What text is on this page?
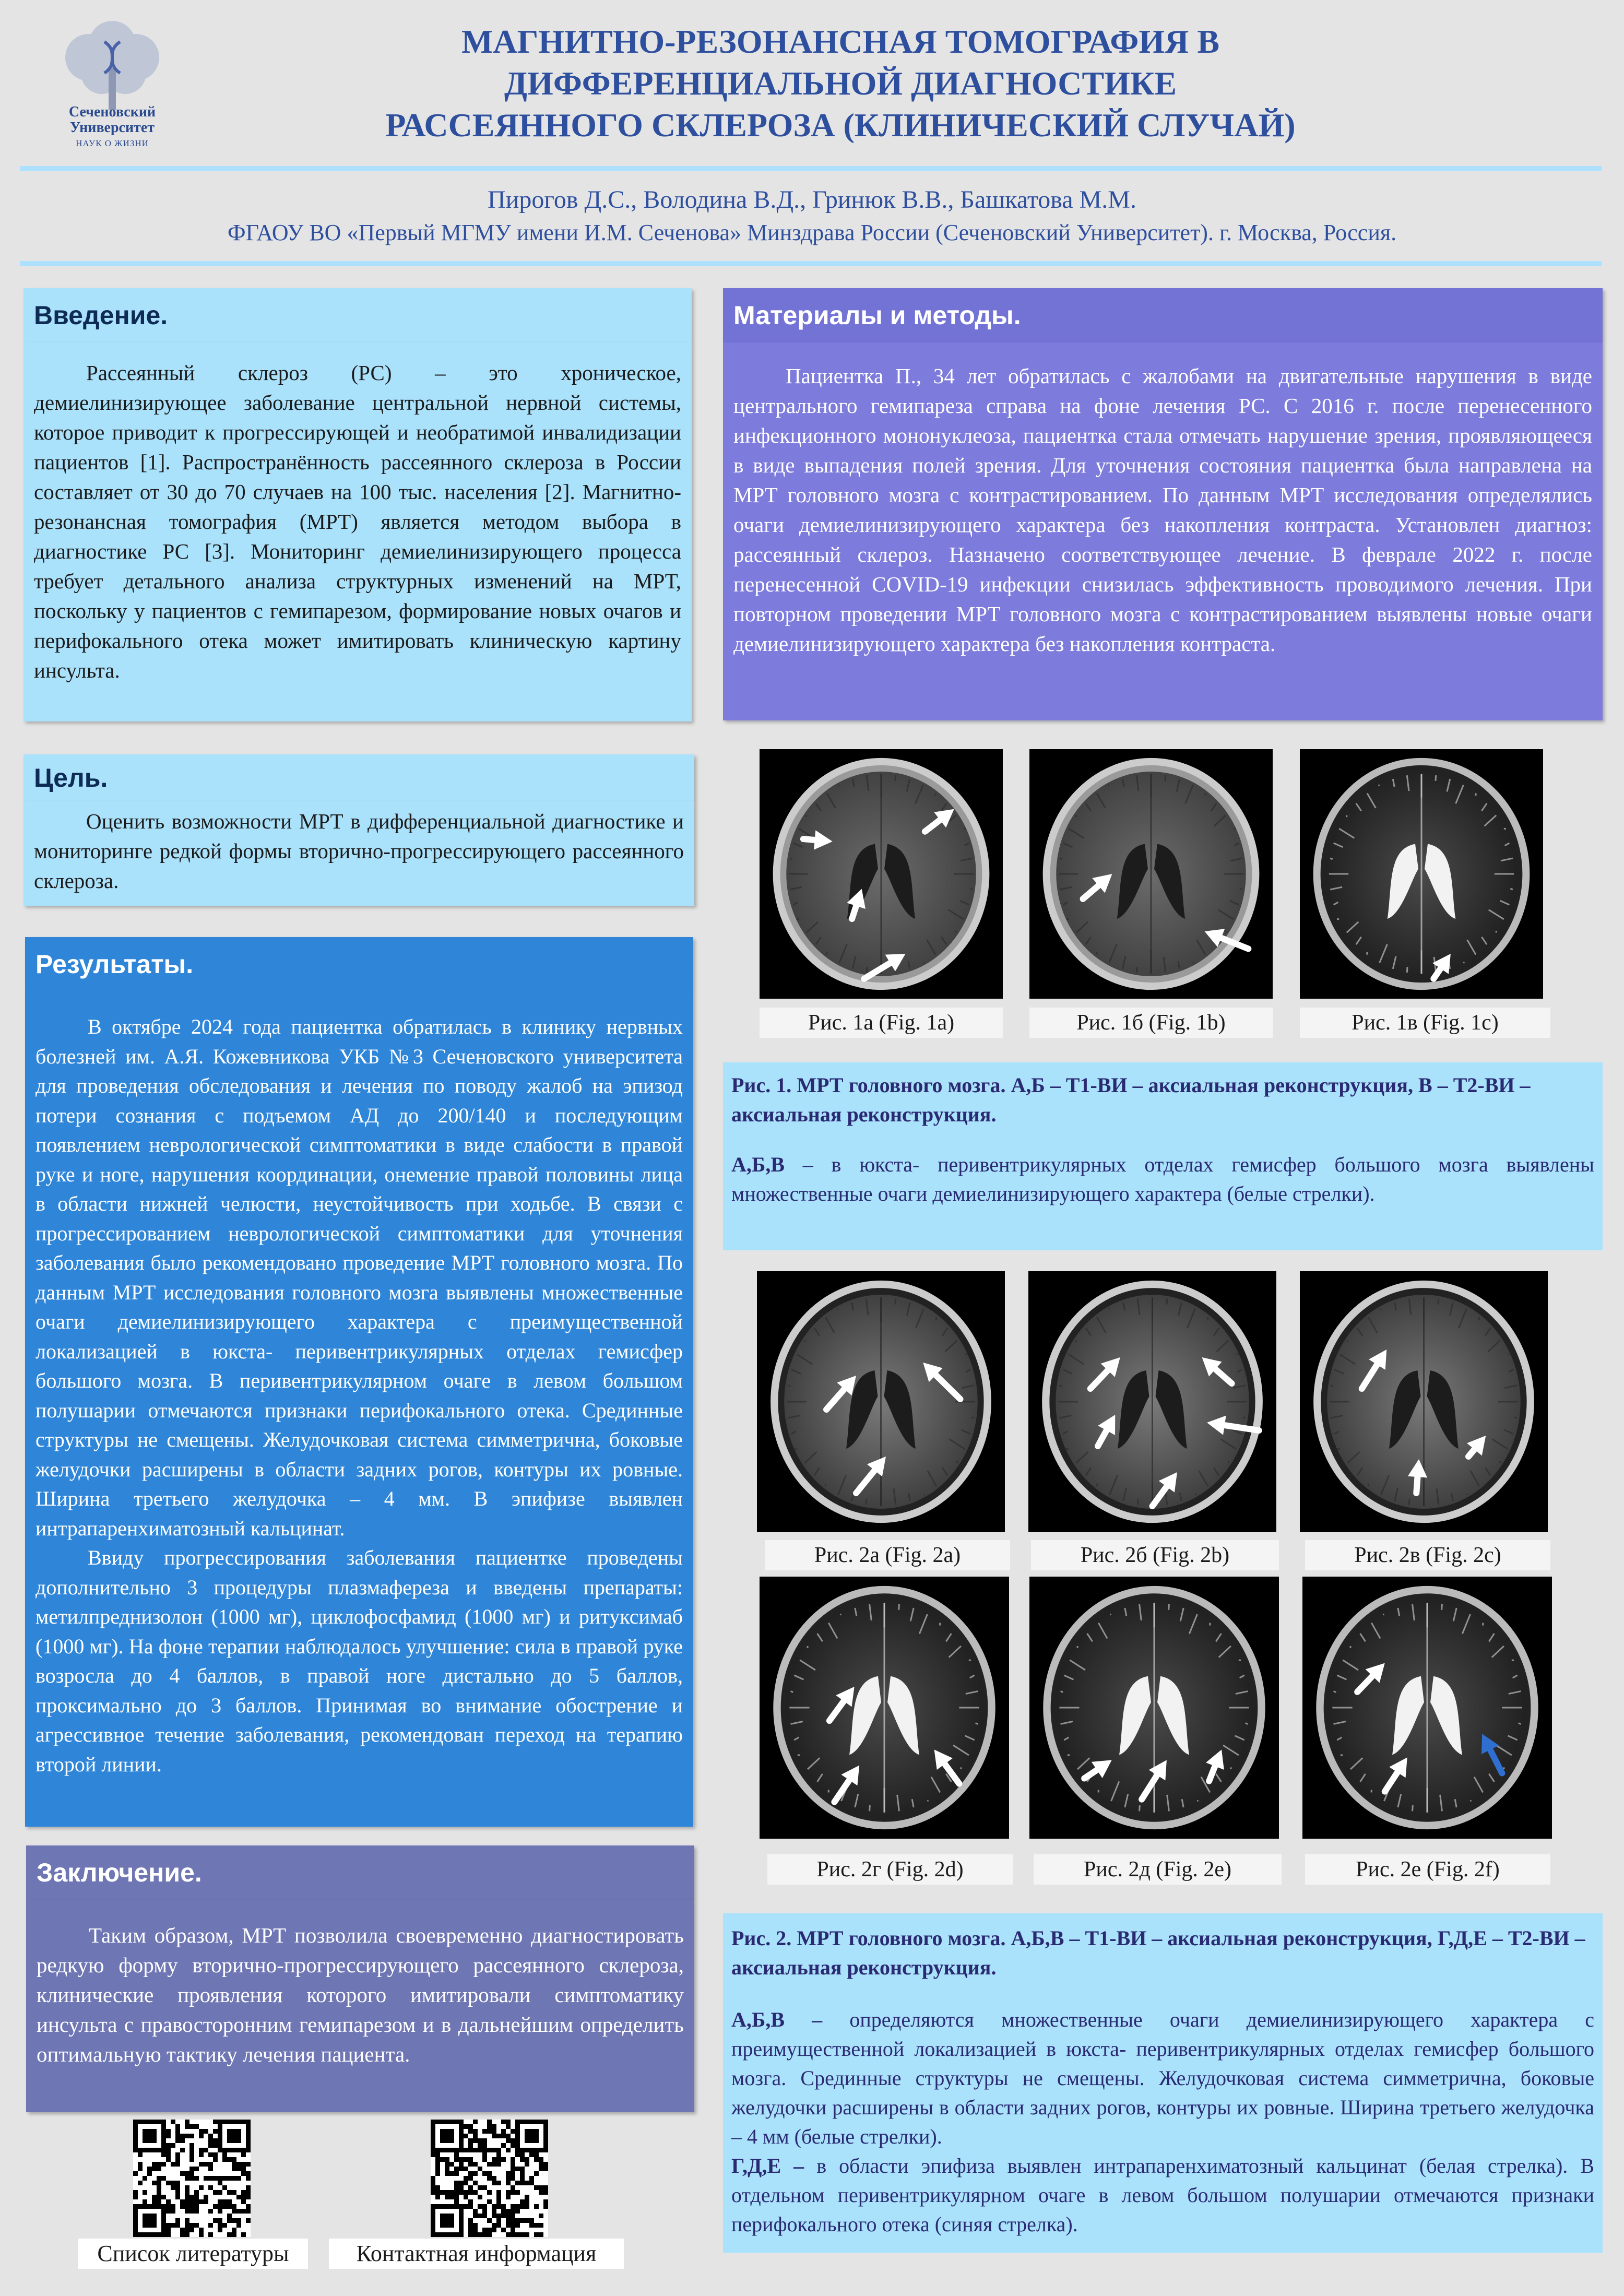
Сеченовский
Университет
НАУК О ЖИЗНИ
МАГНИТНО-РЕЗОНАНСНАЯ ТОМОГРАФИЯ В
ДИФФЕРЕНЦИАЛЬНОЙ ДИАГНОСТИКЕ
РАССЕЯННОГО СКЛЕРОЗА (КЛИНИЧЕСКИЙ СЛУЧАЙ)
Пирогов Д.С., Володина В.Д., Гринюк В.В., Башкатова М.М.
ФГАОУ ВО «Первый МГМУ имени И.М. Сеченова» Минздрава России (Сеченовский Университет). г. Москва, Россия.
Введение.

Рассеянный склероз (РС) – это хроническое, демиелинизирующее заболевание центральной нервной системы, которое приводит к прогрессирующей и необратимой инвалидизации пациентов [1]. Распространённость рассеянного склероза в России составляет от 30 до 70 случаев на 100 тыс. населения [2]. Магнитно-резонансная томография (МРТ) является методом выбора в диагностике РС [3]. Мониторинг демиелинизирующего процесса требует детального анализа структурных изменений на МРТ, поскольку у пациентов с гемипарезом, формирование новых очагов и перифокального отека может имитировать клиническую картину инсульта.

Цель.

Оценить возможности МРТ в дифференциальной диагностике и мониторинге редкой формы вторично-прогрессирующего рассеянного склероза.

Результаты.

В октябре 2024 года пациентка обратилась в клинику нервных болезней им. А.Я. Кожевникова УКБ №3 Сеченовского университета для проведения обследования и лечения по поводу жалоб на эпизод потери сознания с подъемом АД до 200/140 и последующим появлением неврологической симптоматики в виде слабости в правой руке и ноге, нарушения координации, онемение правой половины лица в области нижней челюсти, неустойчивость при ходьбе. В связи с прогрессированием неврологической симптоматики для уточнения заболевания было рекомендовано проведение МРТ головного мозга. По данным МРТ исследования головного мозга выявлены множественные очаги демиелинизирующего характера с преимущественной локализацией в юкста- перивентрикулярных отделах гемисфер большого мозга. В перивентрикулярном очаге в левом большом полушарии отмечаются признаки перифокального отека. Срединные структуры не смещены. Желудочковая система симметрична, боковые желудочки расширены в области задних рогов, контуры их ровные. Ширина третьего желудочка – 4 мм. В эпифизе выявлен интрапаренхиматозный кальцинат.

Ввиду прогрессирования заболевания пациентке проведены дополнительно 3 процедуры плазмафереза и введены препараты: метилпреднизолон (1000 мг), циклофосфамид (1000 мг) и ритуксимаб (1000 мг). На фоне терапии наблюдалось улучшение: сила в правой руке возросла до 4 баллов, в правой ноге дистально до 5 баллов, проксимально до 3 баллов. Принимая во внимание обострение и агрессивное течение заболевания, рекомендован переход на терапию второй линии.

Заключение.

Таким образом, МРТ позволила своевременно диагностировать редкую форму вторично-прогрессирующего рассеянного склероза, клинические проявления которого имитировали симптоматику инсульта с правосторонним гемипарезом и в дальнейшим определить оптимальную тактику лечения пациента.

Список литературы	Контактная информация
Материалы и методы.

Пациентка П., 34 лет обратилась с жалобами на двигательные нарушения в виде центрального гемипареза справа на фоне лечения РС. С 2016 г. после перенесенного инфекционного мононуклеоза, пациентка стала отмечать нарушение зрения, проявляющееся в виде выпадения полей зрения. Для уточнения состояния пациентка была направлена на МРТ головного мозга с контрастированием. По данным МРТ исследования определялись очаги демиелинизирующего характера без накопления контраста. Установлен диагноз: рассеянный склероз. Назначено соответствующее лечение. В феврале 2022 г. после перенесенной COVID-19 инфекции снизилась эффективность проводимого лечения. При повторном проведении МРТ головного мозга с контрастированием выявлены новые очаги демиелинизирующего характера без накопления контраста.

Рис. 1а (Fig. 1a)	Рис. 1б (Fig. 1b)	Рис. 1в (Fig. 1c)
Рис. 1. МРТ головного мозга. А,Б – Т1-ВИ – аксиальная реконструкция, В – Т2-ВИ – аксиальная реконструкция.
А,Б,В – в юкста- перивентрикулярных отделах гемисфер большого мозга выявлены множественные очаги демиелинизирующего характера (белые стрелки).
Рис. 2а (Fig. 2a)	Рис. 2б (Fig. 2b)	Рис. 2в (Fig. 2c)
Рис. 2г (Fig. 2d)	Рис. 2д (Fig. 2e)	Рис. 2е (Fig. 2f)
Рис. 2. МРТ головного мозга. А,Б,В – Т1-ВИ – аксиальная реконструкция, Г,Д,Е – Т2-ВИ – аксиальная реконструкция.
А,Б,В – определяются множественные очаги демиелинизирующего характера с преимущественной локализацией в юкста- перивентрикулярных отделах гемисфер большого мозга. Срединные структуры не смещены. Желудочковая система симметрична, боковые желудочки расширены в области задних рогов, контуры их ровные. Ширина третьего желудочка – 4 мм (белые стрелки).
Г,Д,Е – в области эпифиза выявлен интрапаренхиматозный кальцинат (белая стрелка). В отдельном перивентрикулярном очаге в левом большом полушарии отмечаются признаки перифокального отека (синяя стрелка).
